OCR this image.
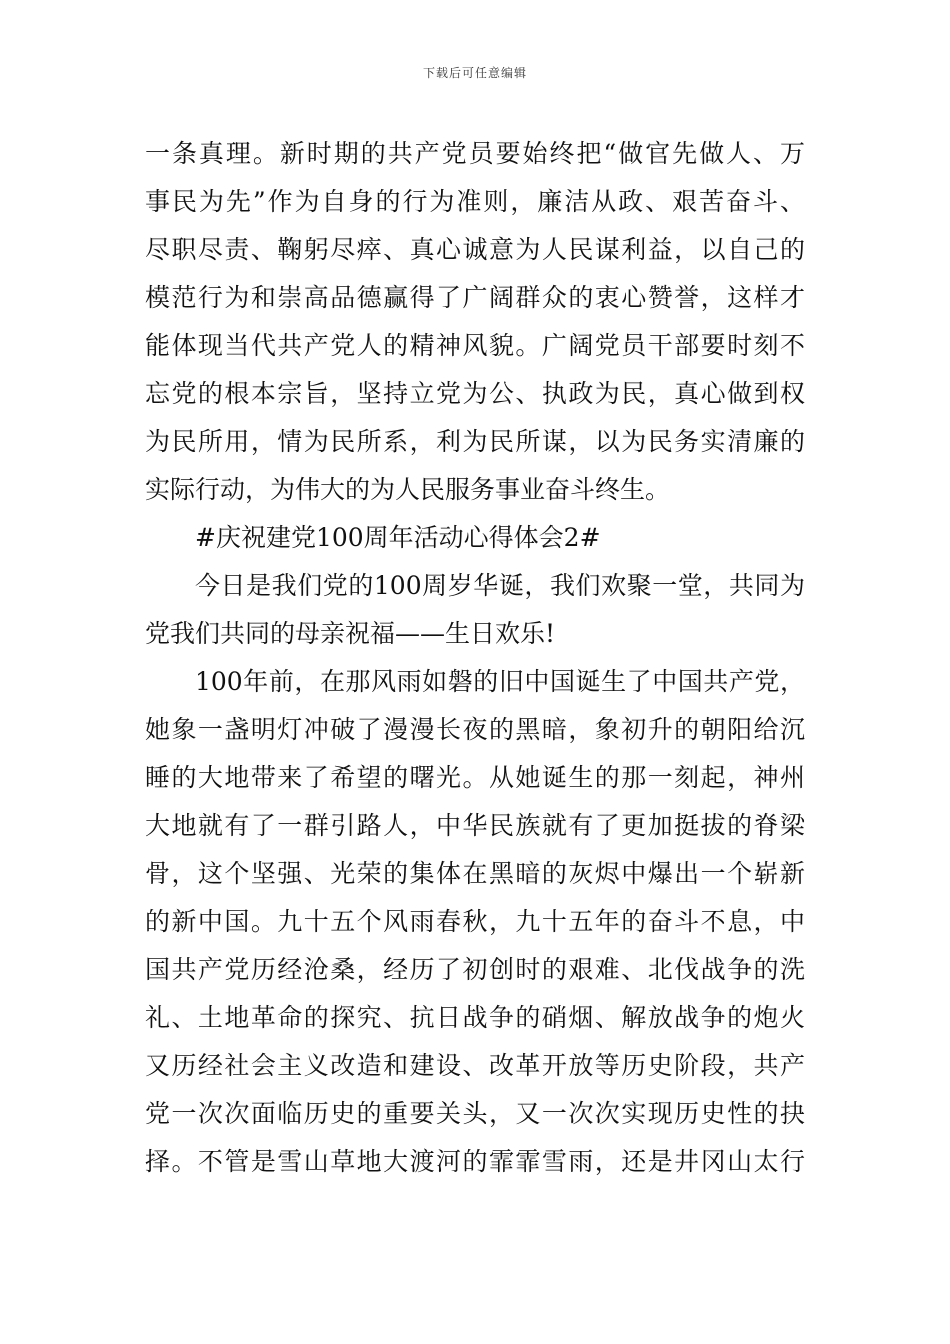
下载后可任意编辑
一条真理。新时期的共产党员要始终把“做官先做人、万
事民为先”作为自身的行为准则，廉洁从政、艰苦奋斗、
尽职尽责、鞠躬尽瘁、真心诚意为人民谋利益，以自己的
模范行为和崇高品德赢得了广阔群众的衷心赞誉，这样才
能体现当代共产党人的精神风貌。广阔党员干部要时刻不
忘党的根本宗旨，坚持立党为公、执政为民，真心做到权
为民所用，情为民所系，利为民所谋，以为民务实清廉的
实际行动，为伟大的为人民服务事业奋斗终生。
#庆祝建党100周年活动心得体会2#
今日是我们党的100周岁华诞，我们欢聚一堂，共同为
党我们共同的母亲祝福——生日欢乐!
100年前，在那风雨如磐的旧中国诞生了中国共产党，
她象一盏明灯冲破了漫漫长夜的黑暗，象初升的朝阳给沉
睡的大地带来了希望的曙光。从她诞生的那一刻起，神州
大地就有了一群引路人，中华民族就有了更加挺拔的脊梁
骨，这个坚强、光荣的集体在黑暗的灰烬中爆出一个崭新
的新中国。九十五个风雨春秋，九十五年的奋斗不息，中
国共产党历经沧桑，经历了初创时的艰难、北伐战争的洗
礼、土地革命的探究、抗日战争的硝烟、解放战争的炮火
又历经社会主义改造和建设、改革开放等历史阶段，共产
党一次次面临历史的重要关头，又一次次实现历史性的抉
择。不管是雪山草地大渡河的霏霏雪雨，还是井冈山太行
